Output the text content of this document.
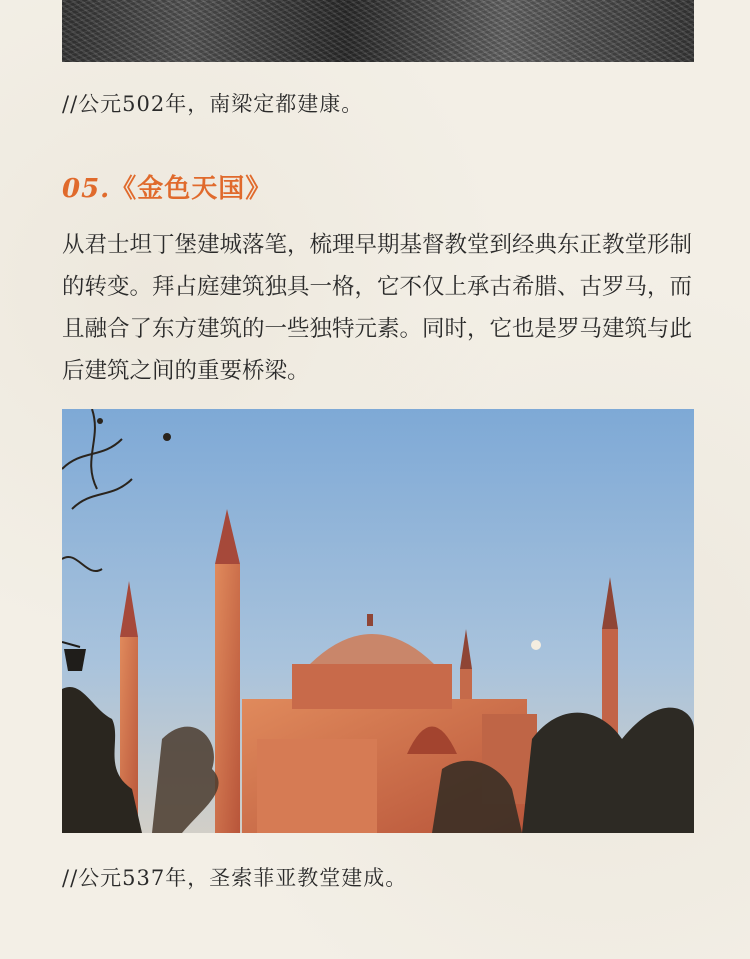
//公元502年，南梁定都建康。
05.《金色天国》

从君士坦丁堡建城落笔，梳理早期基督教堂到经典东正教堂形制的转变。拜占庭建筑独具一格，它不仅上承古希腊、古罗马，而且融合了东方建筑的一些独特元素。同时，它也是罗马建筑与此后建筑之间的重要桥梁。

//公元537年，圣索菲亚教堂建成。
